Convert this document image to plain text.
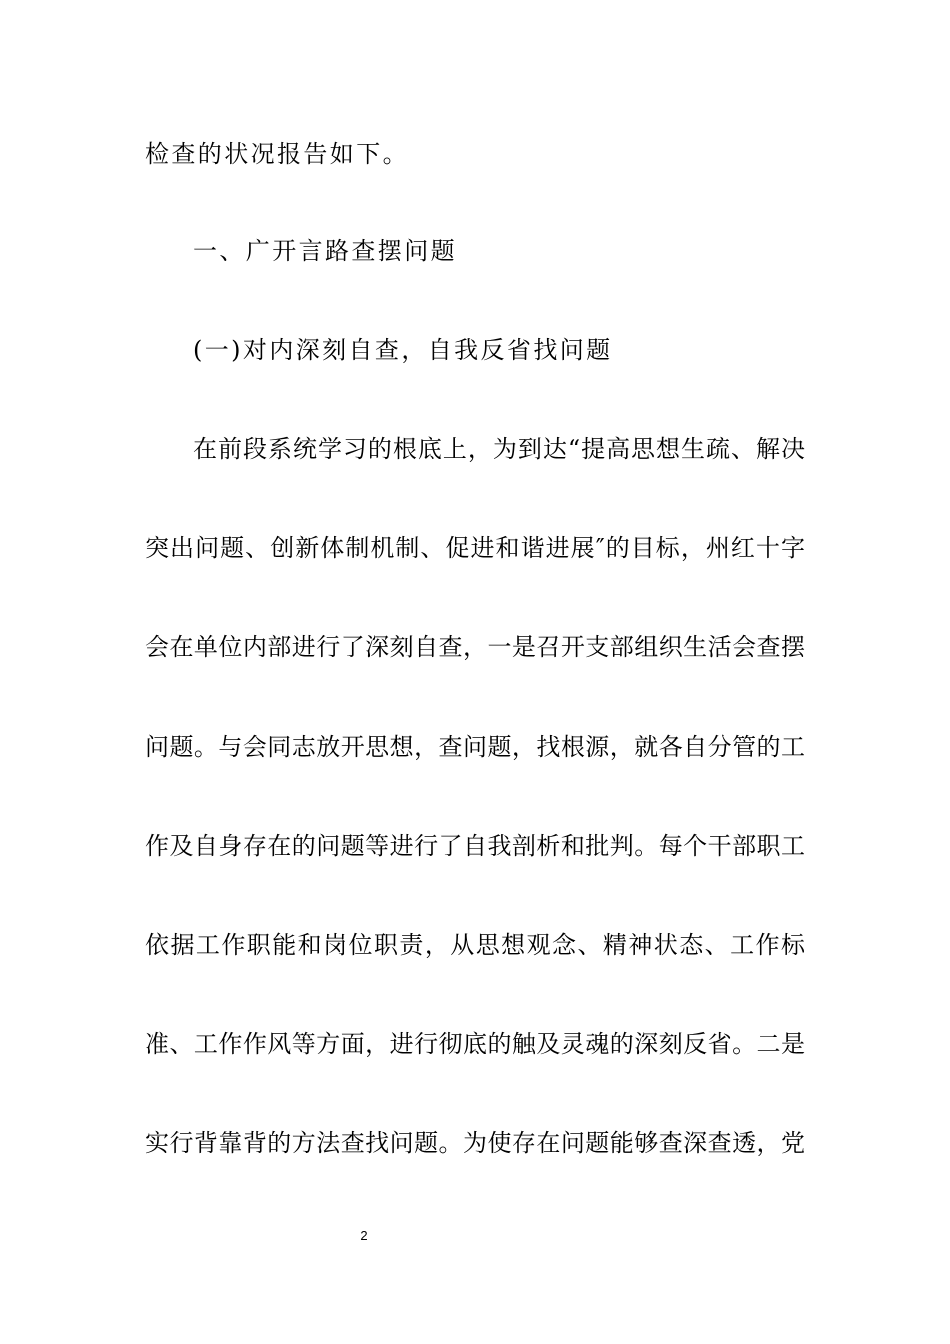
检查的状况报告如下。
一、广开言路查摆问题
(一)对内深刻自查，自我反省找问题
在前段系统学习的根底上，为到达“提高思想生疏、解决
突出问题、创新体制机制、促进和谐进展″的目标，州红十字
会在单位内部进行了深刻自查，一是召开支部组织生活会查摆
问题。与会同志放开思想，查问题，找根源，就各自分管的工
作及自身存在的问题等进行了自我剖析和批判。每个干部职工
依据工作职能和岗位职责，从思想观念、精神状态、工作标
准、工作作风等方面，进行彻底的触及灵魂的深刻反省。二是
实行背靠背的方法查找问题。为使存在问题能够查深查透，党
2
